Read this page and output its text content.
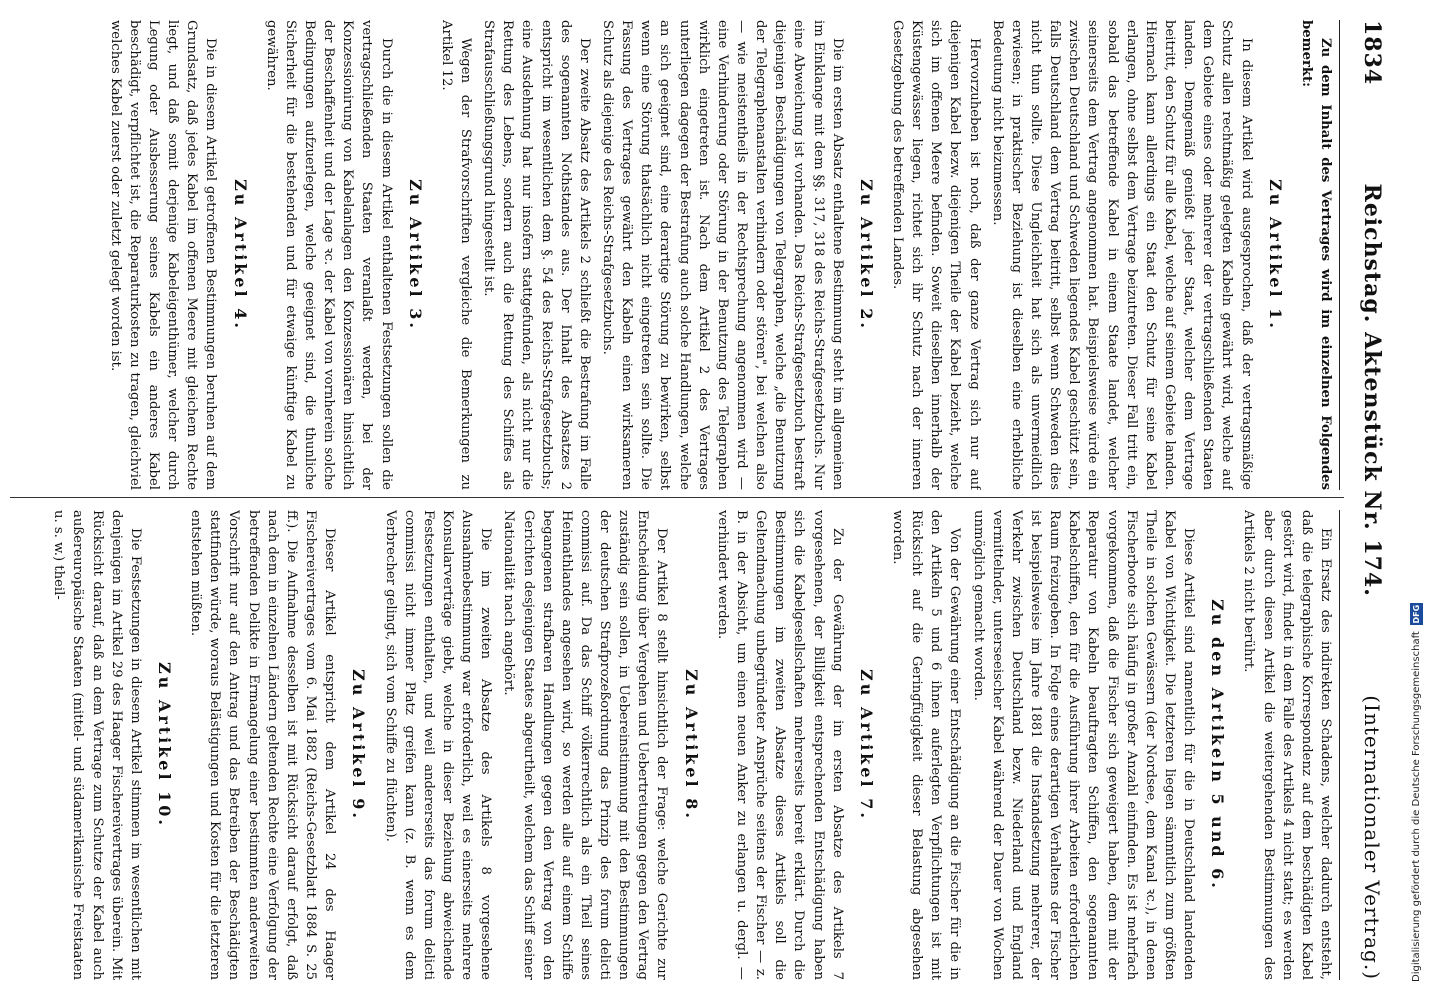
1834
Reichstag. Aktenstück Nr. 174.
(Internationaler Vertrag.)

Zu dem Inhalt des Vertrages wird im einzelnen Folgendes bemerkt:

Zu Artikel 1.

In diesem Artikel wird ausgesprochen, daß der vertragsmäßige Schutz allen rechtmäßig gelegten Kabeln gewährt wird, welche auf dem Gebiete eines oder mehrerer der vertragschließenden Staaten landen. Demgemäß genießt jeder Staat, welcher dem Vertrage beitritt, den Schutz für alle Kabel, welche auf seinem Gebiete landen. Hiernach kann allerdings ein Staat den Schutz für seine Kabel erlangen, ohne selbst dem Vertrage beizutreten. Dieser Fall tritt ein, sobald das betreffende Kabel in einem Staate landet, welcher seinerseits dem Vertrag angenommen hat. Beispielsweise würde ein zwischen Deutschland und Schweden liegendes Kabel geschützt sein, falls Deutschland dem Vertrag beitritt, selbst wenn Schweden dies nicht thun sollte. Diese Ungleichheit hat sich als unvermeidlich erwiesen; in praktischer Beziehung ist dieselben eine erhebliche Bedeutung nicht beizumessen.

Hervorzuheben ist noch, daß der ganze Vertrag sich nur auf diejenigen Kabel bezw. diejenigen Theile der Kabel bezieht, welche sich im offenen Meere befinden. Soweit dieselben innerhalb der Küstengewässer liegen, richtet sich ihr Schutz nach der inneren Gesetzgebung des betreffenden Landes.

Zu Artikel 2.

Die im ersten Absatz enthaltene Bestimmung steht im allgemeinen im Einklange mit dem §§. 317, 318 des Reichs-Strafgesetzbuchs. Nur eine Abweichung ist vorhanden. Das Reichs-Strafgesetzbuch bestraft diejenigen Beschädigungen von Telegraphen, welche „die Benutzung der Telegraphenanstalten verhindern oder stören", bei welchen also — wie meistentheils in der Rechtsprechung angenommen wird — eine Verhinderung oder Störung in der Benutzung des Telegraphen wirklich eingetreten ist. Nach dem Artikel 2 des Vertrages unterliegen dagegen der Bestrafung auch solche Handlungen, welche an sich geeignet sind, eine derartige Störung zu bewirken, selbst wenn eine Störung thatsächlich nicht eingetreten sein sollte. Die Fassung des Vertrages gewährt den Kabeln einen wirksameren Schutz als diejenige des Reichs-Strafgesetzbuchs.

Der zweite Absatz des Artikels 2 schließt die Bestrafung im Falle des sogenannten Nothstandes aus. Der Inhalt des Absatzes 2 entspricht im wesentlichen dem §. 54 des Reichs-Strafgesetzbuchs; eine Ausdehnung hat nur insofern stattgefunden, als nicht nur die Rettung des Lebens, sondern auch die Rettung des Schiffes als Strafausschließungsgrund hingestellt ist.

Wegen der Strafvorschriften vergleiche die Bemerkungen zu Artikel 12.

Zu Artikel 3.

Durch die in diesem Artikel enthaltenen Festsetzungen sollen die vertragschließenden Staaten veranlaßt werden, bei der Konzessionirung von Kabelanlagen den Konzessionären hinsichtlich der Beschaffenheit und der Lage ꝛc. der Kabel von vornherein solche Bedingungen aufzuerlegen, welche geeignet sind, die thunliche Sicherheit für die bestehenden und für etwaige künftige Kabel zu gewähren.

Zu Artikel 4.

Die in diesem Artikel getroffenen Bestimmungen beruhen auf dem Grundsatz, daß jedes Kabel im offenen Meere mit gleichem Rechte liegt, und daß somit derjenige Kabeleigenthümer, welcher durch Legung oder Ausbesserung seines Kabels ein anderes Kabel beschädigt, verpflichtet ist, die Reparaturkosten zu tragen, gleichviel welches Kabel zuerst oder zuletzt gelegt worden ist.

Ein Ersatz des indirekten Schadens, welcher dadurch entsteht, daß die telegraphische Korrespondenz auf dem beschädigten Kabel gestört wird, findet in dem Falle des Artikels 4 nicht statt; es werden aber durch diesen Artikel die weitergehenden Bestimmungen des Artikels 2 nicht berührt.

Zu den Artikeln 5 und 6.

Diese Artikel sind namentlich für die in Deutschland landenden Kabel von Wichtigkeit. Die letzteren liegen sämmtlich zum größten Theile in solchen Gewässern (der Nordsee, dem Kanal ꝛc.), in denen Fischerboote sich häufig in großer Anzahl einfinden. Es ist mehrfach vorgekommen, daß die Fischer sich geweigert haben, dem mit der Reparatur von Kabeln beauftragten Schiffen, den sogenannten Kabelschiffen, den für die Ausführung ihrer Arbeiten erforderlichen Raum freizugeben. In Folge eines derartigen Verhaltens der Fischer ist beispielsweise im Jahre 1881 die Instandsetzung mehrerer, der Verkehr zwischen Deutschland bezw. Niederland und England vermittelnder, unterseeischer Kabel während der Dauer von Wochen unmöglich gemacht worden.

Von der Gewährung einer Entschädigung an die Fischer für die in den Artikeln 5 und 6 ihnen auferlegten Verpflichtungen ist mit Rücksicht auf die Geringfügigkeit dieser Belastung abgesehen worden.

Zu Artikel 7.

Zu der Gewährung der im ersten Absatze des Artikels 7 vorgesehenen, der Billigkeit entsprechenden Entschädigung haben sich die Kabelgesellschaften mehrerseits bereit erklärt. Durch die Bestimmungen im zweiten Absatze dieses Artikels soll die Geltendmachung unbegründeter Ansprüche seitens der Fischer — z. B. in der Absicht, um einen neuen Anker zu erlangen u. dergl. — verhindert werden.

Zu Artikel 8.

Der Artikel 8 stellt hinsichtlich der Frage: welche Gerichte zur Entscheidung über Vergehen und Uebertretungen gegen den Vertrag zuständig sein sollen, in Uebereinstimmung mit den Bestimmungen der deutschen Strafprozeßordnung das Prinzip des forum delicti commissi auf. Da das Schiff völkerrechtlich als ein Theil seines Heimathlandes angesehen wird, so werden alle auf einem Schiffe begangenen strafbaren Handlungen gegen den Vertrag von den Gerichten desjenigen Staates abgeurtheilt, welchem das Schiff seiner Nationalität nach angehört.

Die im zweiten Absatze des Artikels 8 vorgesehene Ausnahmebestimmung war erforderlich, weil es einerseits mehrere Konsularverträge giebt, welche in dieser Beziehung abweichende Festsetzungen enthalten, und weil andererseits das forum delicti commissi nicht immer Platz greifen kann (z. B. wenn es dem Verbrecher gelingt, sich vom Schiffe zu flüchten).

Zu Artikel 9.

Dieser Artikel entspricht dem Artikel 24 des Haager Fischereivertrages vom 6. Mai 1882 (Reichs-Gesetzblatt 1884 S. 25 ff.). Die Aufnahme desselben ist mit Rücksicht darauf erfolgt, daß nach dem in einzelnen Ländern geltenden Rechte eine Verfolgung der betreffenden Delikte in Ermangelung einer bestimmten anderweiten Vorschrift nur auf den Antrag und das Betreiben der Beschädigten stattfinden würde, woraus Belästigungen und Kosten für die letzteren entstehen müßten.

Zu Artikel 10.

Die Festsetzungen in diesem Artikel stimmen im wesentlichen mit denjenigen im Artikel 29 des Haager Fischereivertrages überein. Mit Rücksicht darauf, daß an dem Vertrage zum Schutze der Kabel auch außereuropäische Staaten (mittel- und südamerikanische Freistaaten u. s. w.) theil-

Digitalisierung gefördert durch die Deutsche Forschungsgemeinschaft
DFG
